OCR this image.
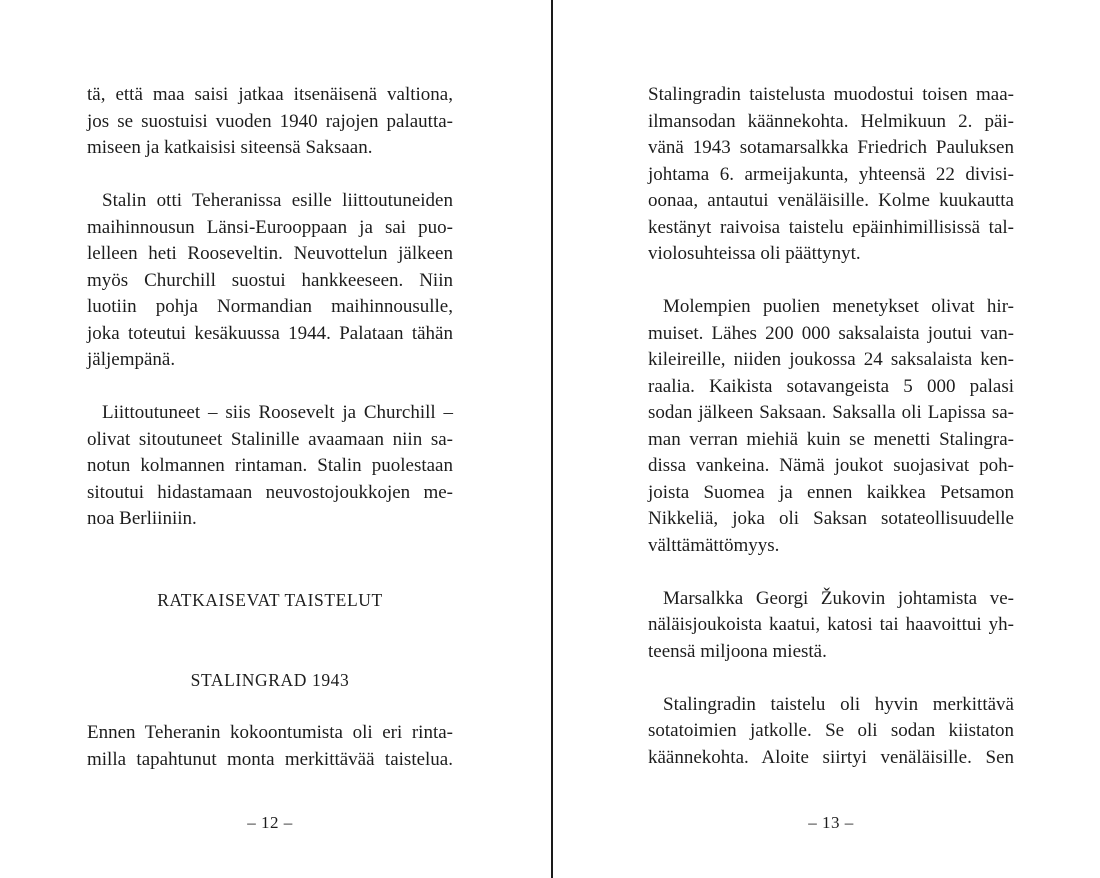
tä, että maa saisi jatkaa itsenäisenä valtiona,
jos se suostuisi vuoden 1940 rajojen palautta-
miseen ja katkaisisi siteensä Saksaan.
Stalin otti Teheranissa esille liittoutuneiden
maihinnousun Länsi-Eurooppaan ja sai puo-
lelleen heti Rooseveltin. Neuvottelun jälkeen
myös Churchill suostui hankkeeseen. Niin
luotiin pohja Normandian maihinnousulle,
joka toteutui kesäkuussa 1944. Palataan tähän
jäljempänä.
Liittoutuneet – siis Roosevelt ja Churchill –
olivat sitoutuneet Stalinille avaamaan niin sa-
notun kolmannen rintaman. Stalin puolestaan
sitoutui hidastamaan neuvostojoukkojen me-
noa Berliiniin.
RATKAISEVAT TAISTELUT
STALINGRAD 1943
Ennen Teheranin kokoontumista oli eri rinta-
milla tapahtunut monta merkittävää taistelua.
Stalingradin taistelusta muodostui toisen maa-
ilmansodan käännekohta. Helmikuun 2. päi-
vänä 1943 sotamarsalkka Friedrich Pauluksen
johtama 6. armeijakunta, yhteensä 22 divisi-
oonaa, antautui venäläisille. Kolme kuukautta
kestänyt raivoisa taistelu epäinhimillisissä tal-
violosuhteissa oli päättynyt.
Molempien puolien menetykset olivat hir-
muiset. Lähes 200 000 saksalaista joutui van-
kileireille, niiden joukossa 24 saksalaista ken-
raalia. Kaikista sotavangeista 5 000 palasi
sodan jälkeen Saksaan. Saksalla oli Lapissa sa-
man verran miehiä kuin se menetti Stalingra-
dissa vankeina. Nämä joukot suojasivat poh-
joista Suomea ja ennen kaikkea Petsamon
Nikkeliä, joka oli Saksan sotateollisuudelle
välttämättömyys.
Marsalkka Georgi Žukovin johtamista ve-
näläisjoukoista kaatui, katosi tai haavoittui yh-
teensä miljoona miestä.
Stalingradin taistelu oli hyvin merkittävä
sotatoimien jatkolle. Se oli sodan kiistaton
käännekohta. Aloite siirtyi venäläisille. Sen
– 12 –	– 13 –
